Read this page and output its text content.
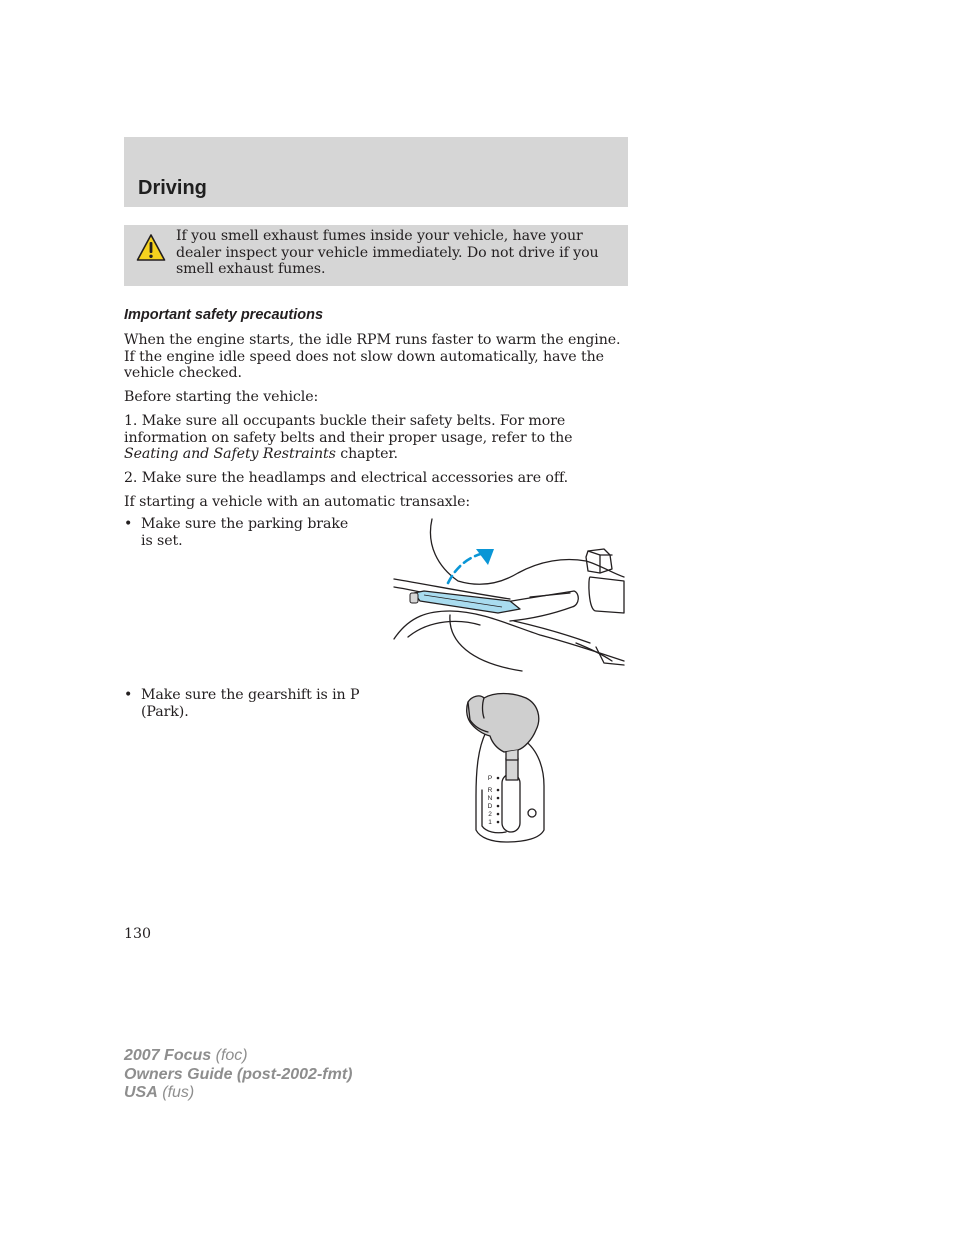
Driving
If you smell exhaust fumes inside your vehicle, have your dealer inspect your vehicle immediately. Do not drive if you smell exhaust fumes.
Important safety precautions

When the engine starts, the idle RPM runs faster to warm the engine. If the engine idle speed does not slow down automatically, have the vehicle checked.

Before starting the vehicle:

1. Make sure all occupants buckle their safety belts. For more information on safety belts and their proper usage, refer to the Seating and Safety Restraints chapter.

2. Make sure the headlamps and electrical accessories are off.

If starting a vehicle with an automatic transaxle:

• Make sure the parking brake is set.

• Make sure the gearshift is in P (Park).

P
R
N
D
2
1

130

2007 Focus (foc)
Owners Guide (post-2002-fmt)
USA (fus)
